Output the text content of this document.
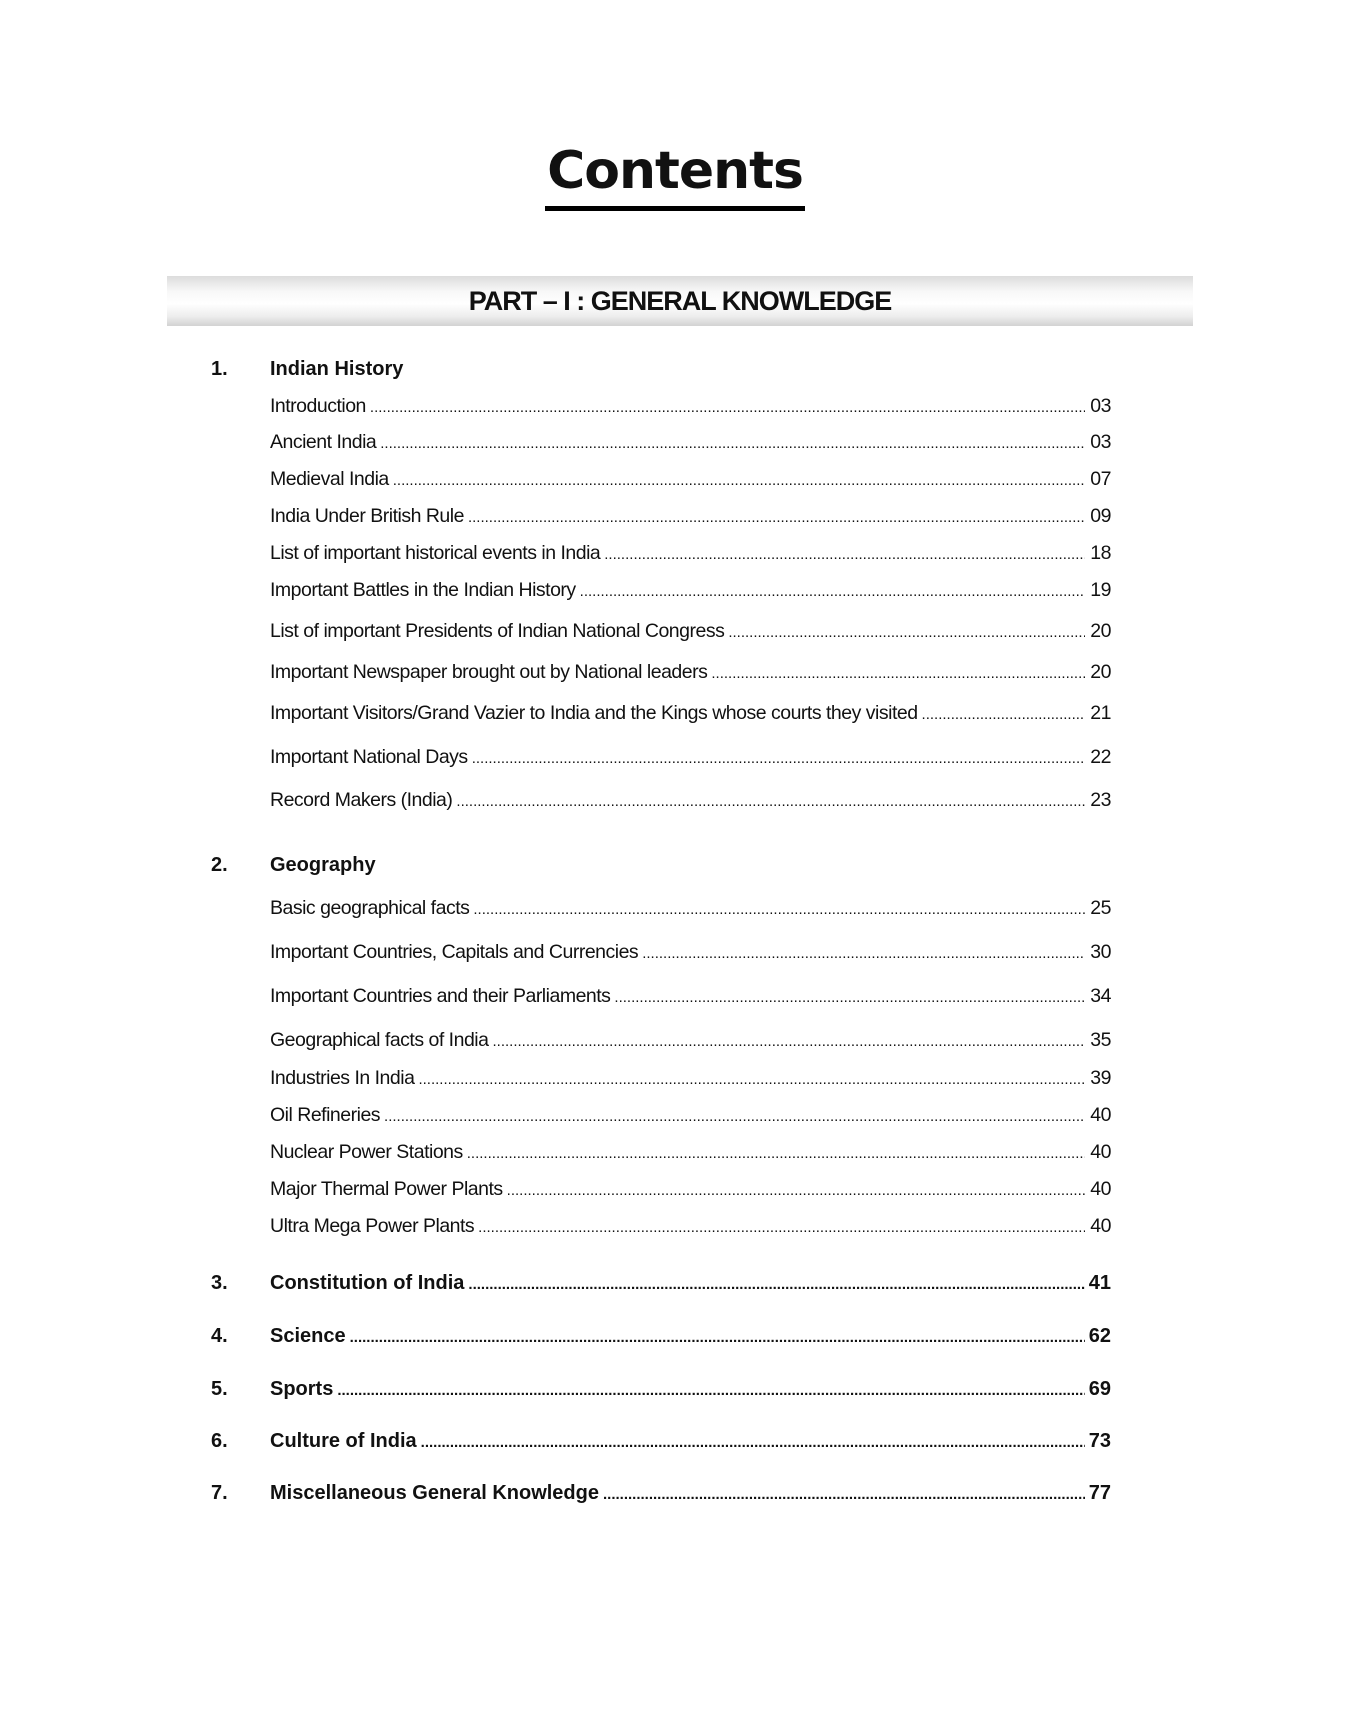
Contents
PART – I : GENERAL KNOWLEDGE
1.	Indian History
Introduction .....	03
Ancient India .....	03
Medieval India .....	07
India Under British Rule .....	09
List of important historical events in India .....	18
Important Battles in the Indian History .....	19
List of important Presidents of Indian National Congress .....	20
Important Newspaper brought out by National leaders .....	20
Important Visitors/Grand Vazier to India and the Kings whose courts they visited .....	21
Important National Days .....	22
Record Makers (India) .....	23
2.	Geography
Basic geographical facts .....	25
Important Countries, Capitals and Currencies .....	30
Important Countries and their Parliaments .....	34
Geographical facts of India .....	35
Industries In India .....	39
Oil Refineries .....	40
Nuclear Power Stations .....	40
Major Thermal Power Plants .....	40
Ultra Mega Power Plants .....	40
3.	Constitution of India .....	41
4.	Science .....	62
5.	Sports .....	69
6.	Culture of India .....	73
7.	Miscellaneous General Knowledge .....	77
